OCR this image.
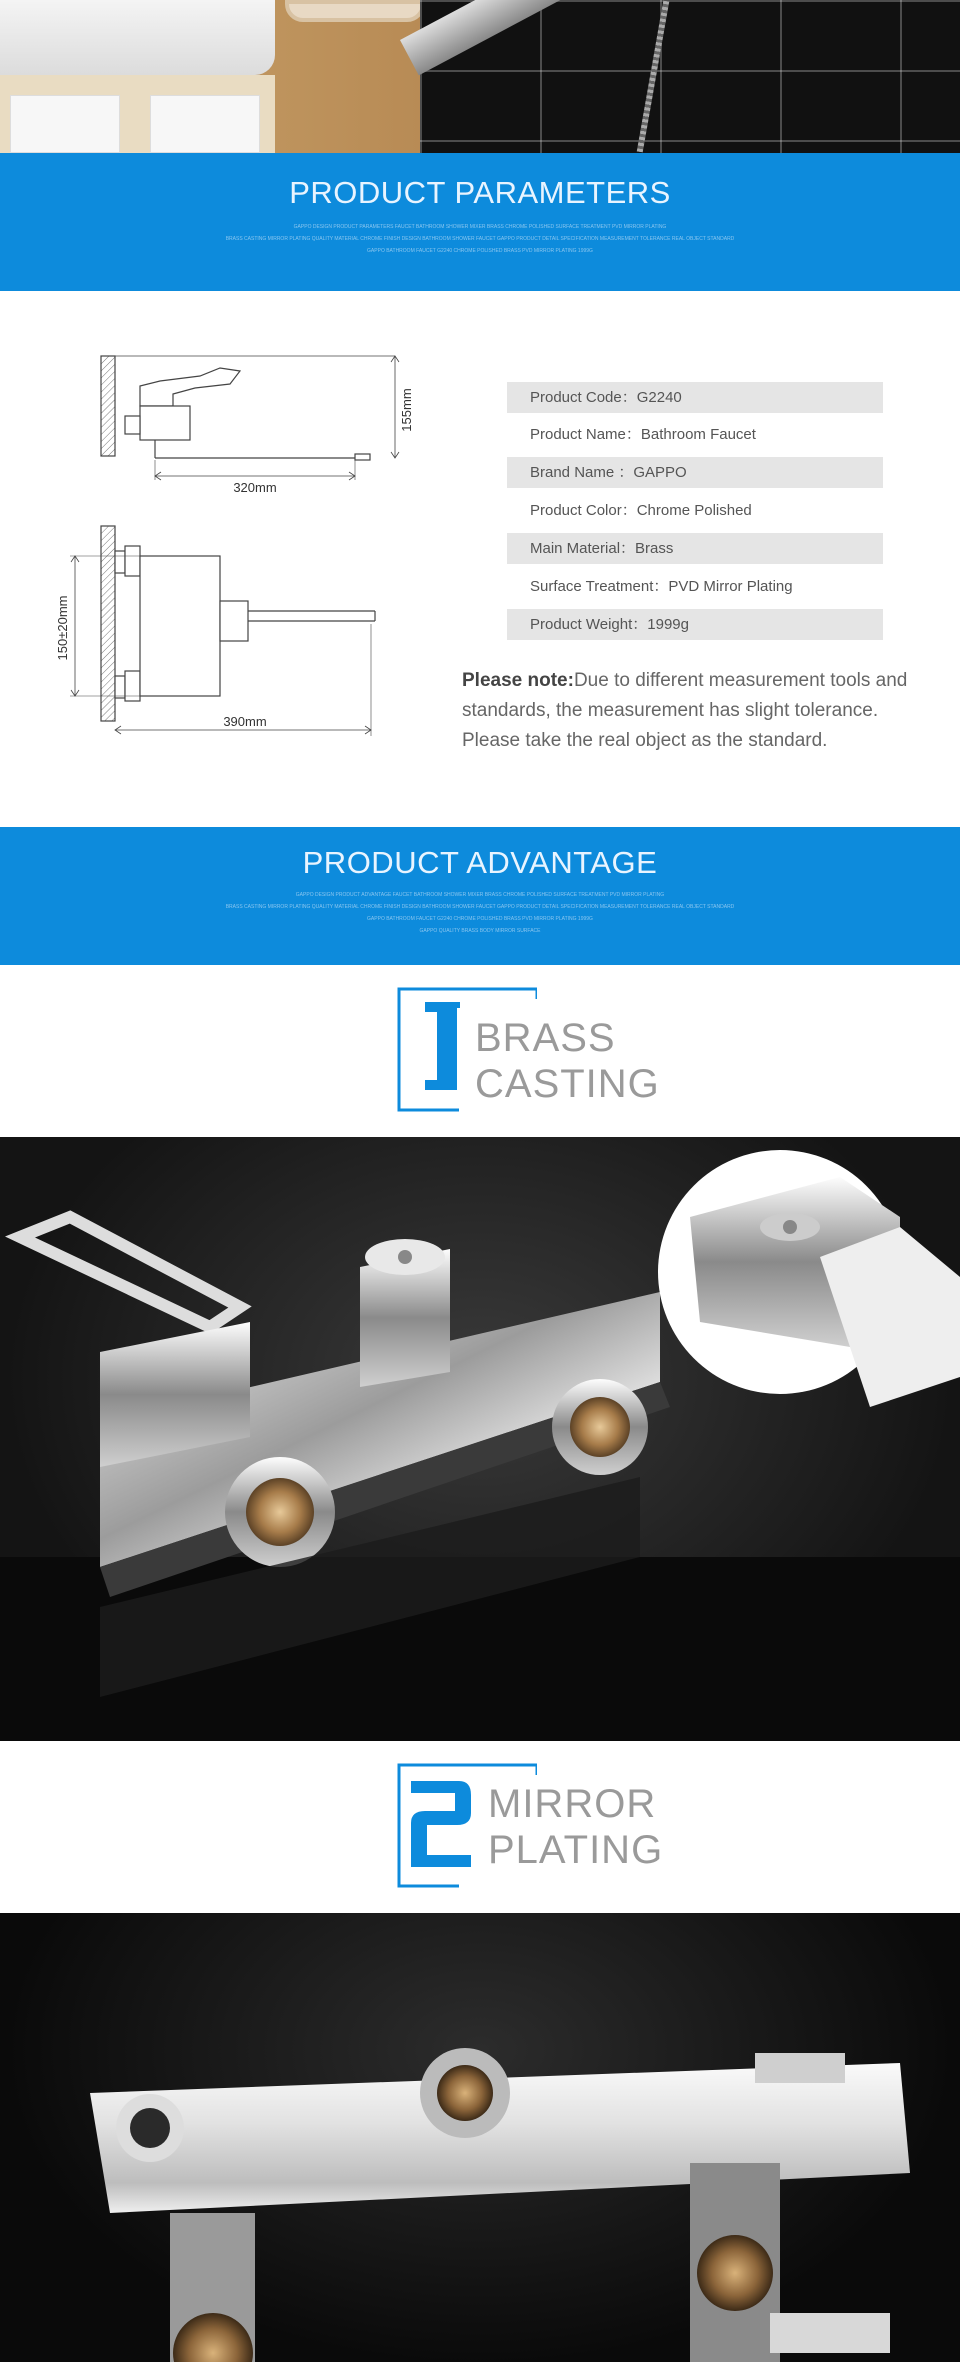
PRODUCT PARAMETERS
GAPPO DESIGN PRODUCT PARAMETERS FAUCET BATHROOM SHOWER MIXER BRASS CHROME POLISHED SURFACE TREATMENT PVD MIRROR PLATING
BRASS CASTING MIRROR PLATING QUALITY MATERIAL CHROME FINISH DESIGN BATHROOM SHOWER FAUCET GAPPO PRODUCT DETAIL SPECIFICATION MEASUREMENT TOLERANCE REAL OBJECT STANDARD
GAPPO BATHROOM FAUCET G2240 CHROME POLISHED BRASS PVD MIRROR PLATING 1999G
320mm
155mm
390mm
150±20mm
Product Code：G2240
Product Name：Bathroom Faucet
Brand Name ：GAPPO
Product Color：Chrome Polished
Main Material：Brass
Surface Treatment：PVD Mirror Plating
Product Weight：1999g
Please note:Due to different measurement tools and standards, the measurement has slight tolerance. Please take the real object as the standard.
PRODUCT ADVANTAGE
GAPPO DESIGN PRODUCT ADVANTAGE FAUCET BATHROOM SHOWER MIXER BRASS CHROME POLISHED SURFACE TREATMENT PVD MIRROR PLATING
BRASS CASTING MIRROR PLATING QUALITY MATERIAL CHROME FINISH DESIGN BATHROOM SHOWER FAUCET GAPPO PRODUCT DETAIL SPECIFICATION MEASUREMENT TOLERANCE REAL OBJECT STANDARD
GAPPO BATHROOM FAUCET G2240 CHROME POLISHED BRASS PVD MIRROR PLATING 1999G
GAPPO QUALITY BRASS BODY MIRROR SURFACE
BRASS
CASTING
MIRROR
PLATING
